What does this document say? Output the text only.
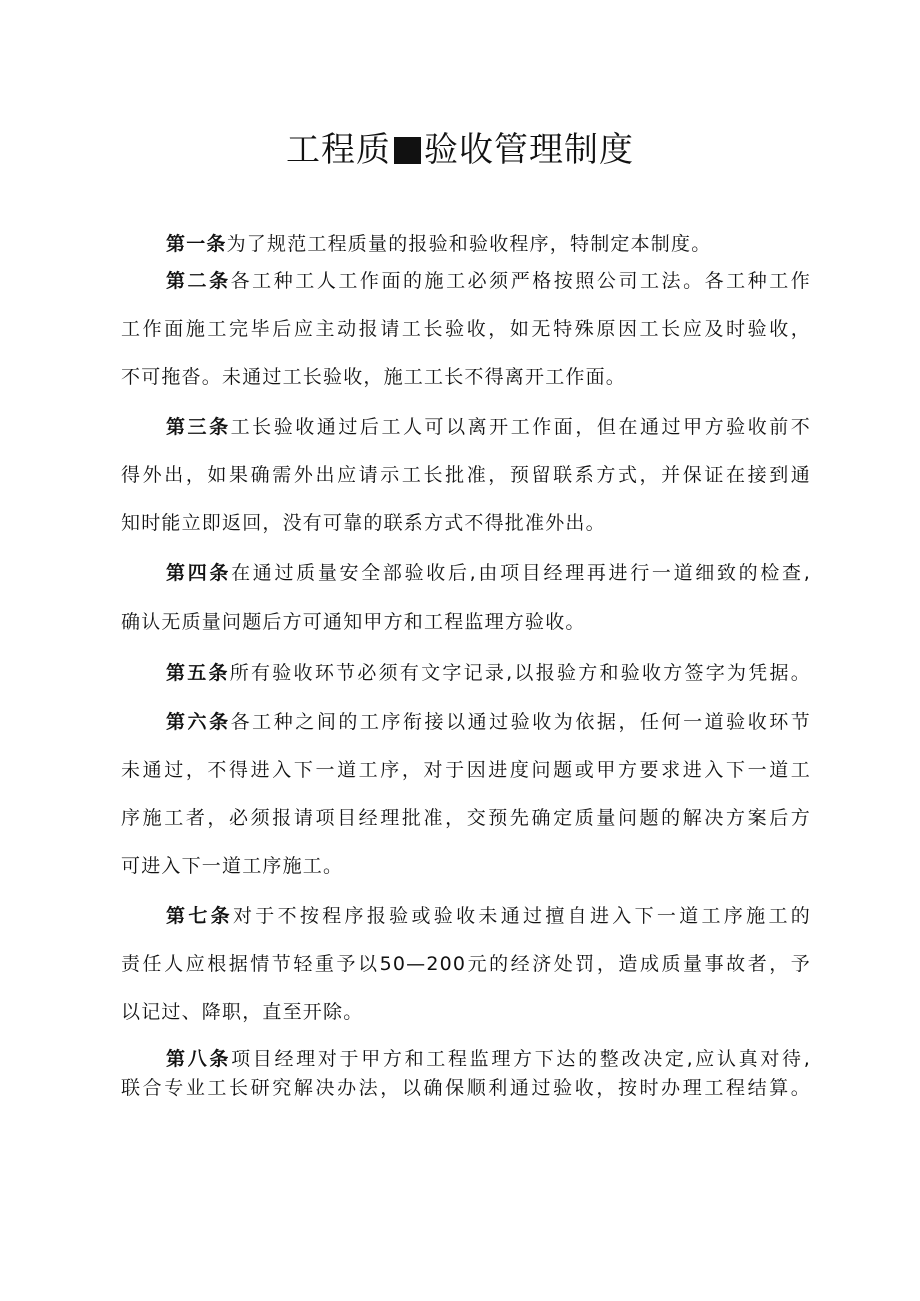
工程质 验收管理制度

第一条为了规范工程质量的报验和验收程序，特制定本制度。

第二条各工种工人工作面的施工必须严格按照公司工法。各工种工作
工作面施工完毕后应主动报请工长验收，如无特殊原因工长应及时验收，
不可拖沓。未通过工长验收，施工工长不得离开工作面。

第三条工长验收通过后工人可以离开工作面，但在通过甲方验收前不
得外出，如果确需外出应请示工长批准，预留联系方式，并保证在接到通
知时能立即返回，没有可靠的联系方式不得批准外出。

第四条在通过质量安全部验收后,由项目经理再进行一道细致的检查,
确认无质量问题后方可通知甲方和工程监理方验收。

第五条所有验收环节必须有文字记录,以报验方和验收方签字为凭据。

第六条各工种之间的工序衔接以通过验收为依据，任何一道验收环节
未通过，不得进入下一道工序，对于因进度问题或甲方要求进入下一道工
序施工者，必须报请项目经理批准，交预先确定质量问题的解决方案后方
可进入下一道工序施工。

第七条对于不按程序报验或验收未通过擅自进入下一道工序施工的
责任人应根据情节轻重予以50—200元的经济处罚，造成质量事故者，予
以记过、降职，直至开除。

第八条项目经理对于甲方和工程监理方下达的整改决定,应认真对待,
联合专业工长研究解决办法，以确保顺利通过验收，按时办理工程结算。
